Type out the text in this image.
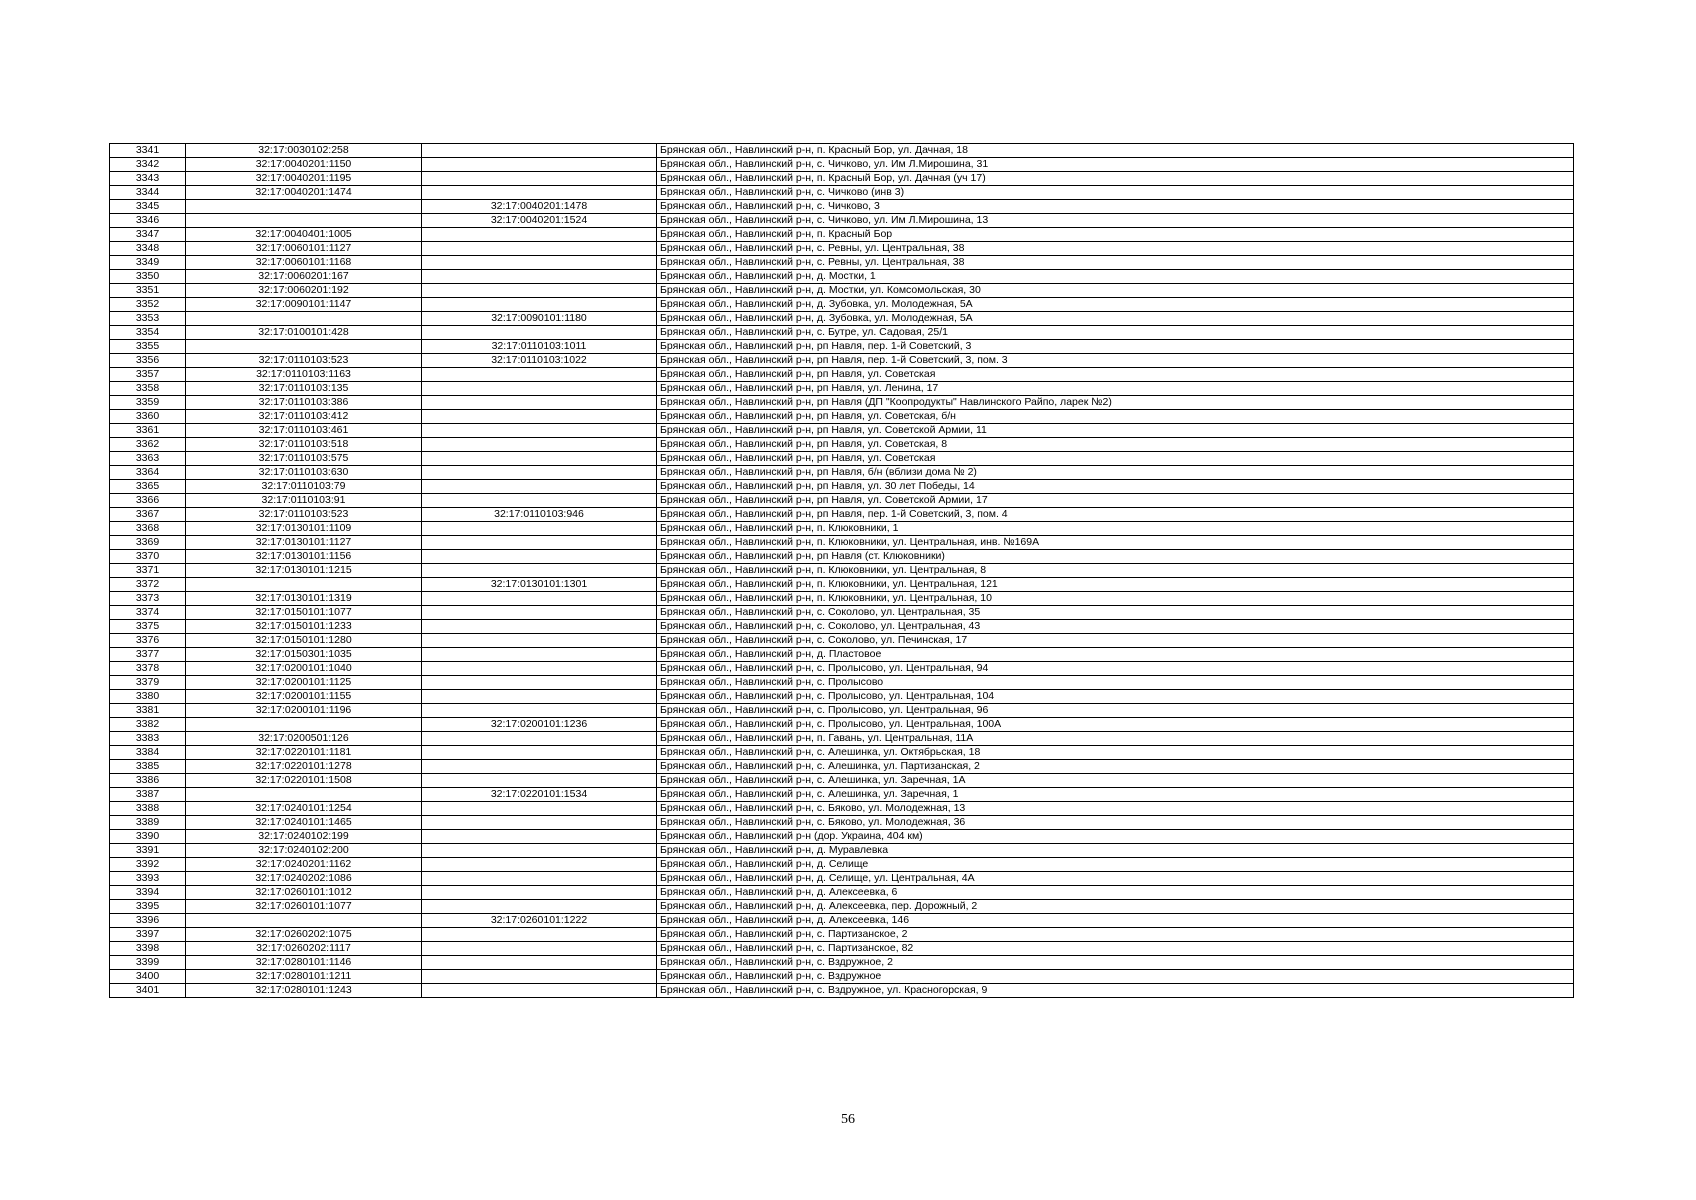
3341	32:17:0030102:258		Брянская обл., Навлинский р-н, п. Красный Бор, ул. Дачная, 18
3342	32:17:0040201:1150		Брянская обл., Навлинский р-н, с. Чичково, ул. Им Л.Мирошина, 31
3343	32:17:0040201:1195		Брянская обл., Навлинский р-н, п. Красный Бор, ул. Дачная (уч 17)
3344	32:17:0040201:1474		Брянская обл., Навлинский р-н, с. Чичково (инв 3)
3345		32:17:0040201:1478	Брянская обл., Навлинский р-н, с. Чичково, 3
3346		32:17:0040201:1524	Брянская обл., Навлинский р-н, с. Чичково, ул. Им Л.Мирошина, 13
3347	32:17:0040401:1005		Брянская обл., Навлинский р-н, п. Красный Бор
3348	32:17:0060101:1127		Брянская обл., Навлинский р-н, с. Ревны, ул. Центральная, 38
3349	32:17:0060101:1168		Брянская обл., Навлинский р-н, с. Ревны, ул. Центральная, 38
3350	32:17:0060201:167		Брянская обл., Навлинский р-н, д. Мостки, 1
3351	32:17:0060201:192		Брянская обл., Навлинский р-н, д. Мостки, ул. Комсомольская, 30
3352	32:17:0090101:1147		Брянская обл., Навлинский р-н, д. Зубовка, ул. Молодежная, 5А
3353		32:17:0090101:1180	Брянская обл., Навлинский р-н, д. Зубовка, ул. Молодежная, 5А
3354	32:17:0100101:428		Брянская обл., Навлинский р-н, с. Бутре, ул. Садовая, 25/1
3355		32:17:0110103:1011	Брянская обл., Навлинский р-н, рп Навля, пер. 1-й Советский, 3
3356	32:17:0110103:523	32:17:0110103:1022	Брянская обл., Навлинский р-н, рп Навля, пер. 1-й Советский, 3, пом. 3
3357	32:17:0110103:1163		Брянская обл., Навлинский р-н, рп Навля, ул. Советская
3358	32:17:0110103:135		Брянская обл., Навлинский р-н, рп Навля, ул. Ленина, 17
3359	32:17:0110103:386		Брянская обл., Навлинский р-н, рп Навля (ДП "Коопродукты" Навлинского Райпо, ларек №2)
3360	32:17:0110103:412		Брянская обл., Навлинский р-н, рп Навля, ул. Советская, б/н
3361	32:17:0110103:461		Брянская обл., Навлинский р-н, рп Навля, ул. Советской Армии, 11
3362	32:17:0110103:518		Брянская обл., Навлинский р-н, рп Навля, ул. Советская, 8
3363	32:17:0110103:575		Брянская обл., Навлинский р-н, рп Навля, ул. Советская
3364	32:17:0110103:630		Брянская обл., Навлинский р-н, рп Навля, б/н (вблизи дома № 2)
3365	32:17:0110103:79		Брянская обл., Навлинский р-н, рп Навля, ул. 30 лет Победы, 14
3366	32:17:0110103:91		Брянская обл., Навлинский р-н, рп Навля, ул. Советской Армии, 17
3367	32:17:0110103:523	32:17:0110103:946	Брянская обл., Навлинский р-н, рп Навля, пер. 1-й Советский, 3, пом. 4
3368	32:17:0130101:1109		Брянская обл., Навлинский р-н, п. Клюковники, 1
3369	32:17:0130101:1127		Брянская обл., Навлинский р-н, п. Клюковники, ул. Центральная, инв. №169А
3370	32:17:0130101:1156		Брянская обл., Навлинский р-н, рп Навля (ст. Клюковники)
3371	32:17:0130101:1215		Брянская обл., Навлинский р-н, п. Клюковники, ул. Центральная, 8
3372		32:17:0130101:1301	Брянская обл., Навлинский р-н, п. Клюковники, ул. Центральная, 121
3373	32:17:0130101:1319		Брянская обл., Навлинский р-н, п. Клюковники, ул. Центральная, 10
3374	32:17:0150101:1077		Брянская обл., Навлинский р-н, с. Соколово, ул. Центральная, 35
3375	32:17:0150101:1233		Брянская обл., Навлинский р-н, с. Соколово, ул. Центральная, 43
3376	32:17:0150101:1280		Брянская обл., Навлинский р-н, с. Соколово, ул. Печинская, 17
3377	32:17:0150301:1035		Брянская обл., Навлинский р-н, д. Пластовое
3378	32:17:0200101:1040		Брянская обл., Навлинский р-н, с. Пролысово, ул. Центральная, 94
3379	32:17:0200101:1125		Брянская обл., Навлинский р-н, с. Пролысово
3380	32:17:0200101:1155		Брянская обл., Навлинский р-н, с. Пролысово, ул. Центральная, 104
3381	32:17:0200101:1196		Брянская обл., Навлинский р-н, с. Пролысово, ул. Центральная, 96
3382		32:17:0200101:1236	Брянская обл., Навлинский р-н, с. Пролысово, ул. Центральная, 100А
3383	32:17:0200501:126		Брянская обл., Навлинский р-н, п. Гавань, ул. Центральная, 11А
3384	32:17:0220101:1181		Брянская обл., Навлинский р-н, с. Алешинка, ул. Октябрьская, 18
3385	32:17:0220101:1278		Брянская обл., Навлинский р-н, с. Алешинка, ул. Партизанская, 2
3386	32:17:0220101:1508		Брянская обл., Навлинский р-н, с. Алешинка, ул. Заречная, 1А
3387		32:17:0220101:1534	Брянская обл., Навлинский р-н, с. Алешинка, ул. Заречная, 1
3388	32:17:0240101:1254		Брянская обл., Навлинский р-н, с. Бяково, ул. Молодежная, 13
3389	32:17:0240101:1465		Брянская обл., Навлинский р-н, с. Бяково, ул. Молодежная, 36
3390	32:17:0240102:199		Брянская обл., Навлинский р-н (дор. Украина, 404 км)
3391	32:17:0240102:200		Брянская обл., Навлинский р-н, д. Муравлевка
3392	32:17:0240201:1162		Брянская обл., Навлинский р-н, д. Селище
3393	32:17:0240202:1086		Брянская обл., Навлинский р-н, д. Селище, ул. Центральная, 4А
3394	32:17:0260101:1012		Брянская обл., Навлинский р-н, д. Алексеевка, 6
3395	32:17:0260101:1077		Брянская обл., Навлинский р-н, д. Алексеевка, пер. Дорожный, 2
3396		32:17:0260101:1222	Брянская обл., Навлинский р-н, д. Алексеевка, 146
3397	32:17:0260202:1075		Брянская обл., Навлинский р-н, с. Партизанское, 2
3398	32:17:0260202:1117		Брянская обл., Навлинский р-н, с. Партизанское, 82
3399	32:17:0280101:1146		Брянская обл., Навлинский р-н, с. Вздружное, 2
3400	32:17:0280101:1211		Брянская обл., Навлинский р-н, с. Вздружное
3401	32:17:0280101:1243		Брянская обл., Навлинский р-н, с. Вздружное, ул. Красногорская, 9
56
